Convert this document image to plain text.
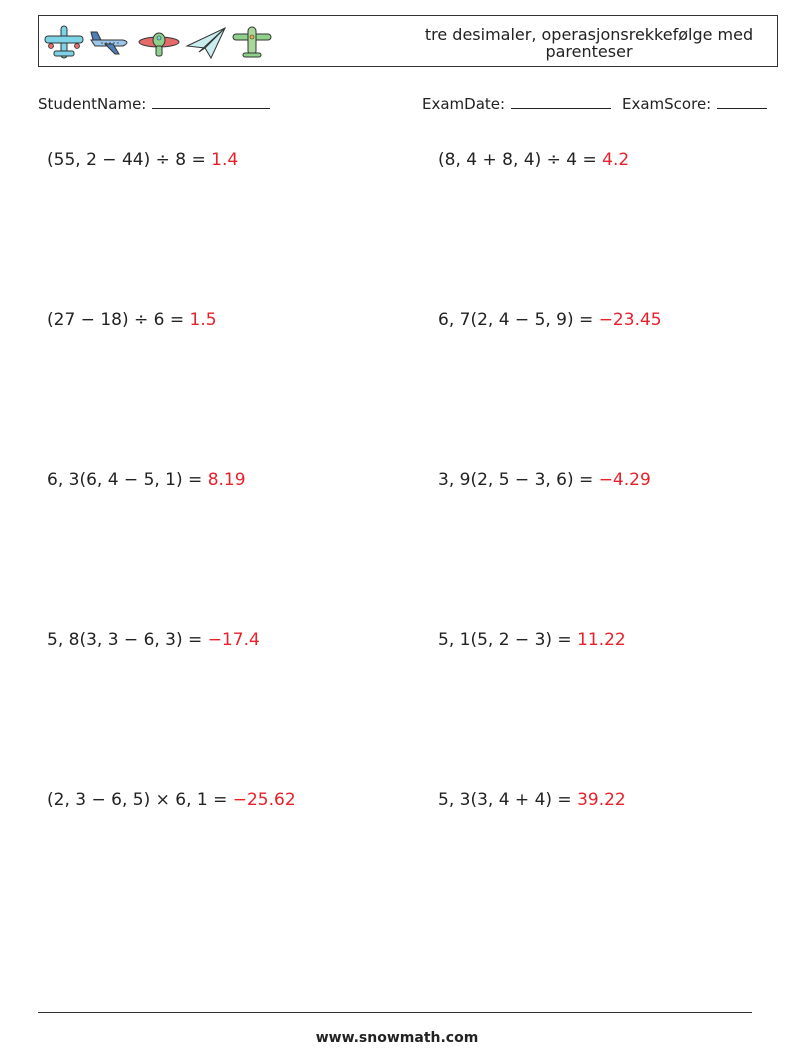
tre desimaler, operasjonsrekkefølge med parenteser
StudentName:	ExamDate:	ExamScore:
(55, 2 − 44) ÷ 8 = 1.4	(8, 4 + 8, 4) ÷ 4 = 4.2
(27 − 18) ÷ 6 = 1.5	6, 7(2, 4 − 5, 9) = −23.45
6, 3(6, 4 − 5, 1) = 8.19	3, 9(2, 5 − 3, 6) = −4.29
5, 8(3, 3 − 6, 3) = −17.4	5, 1(5, 2 − 3) = 11.22
(2, 3 − 6, 5) × 6, 1 = −25.62	5, 3(3, 4 + 4) = 39.22
www.snowmath.com
